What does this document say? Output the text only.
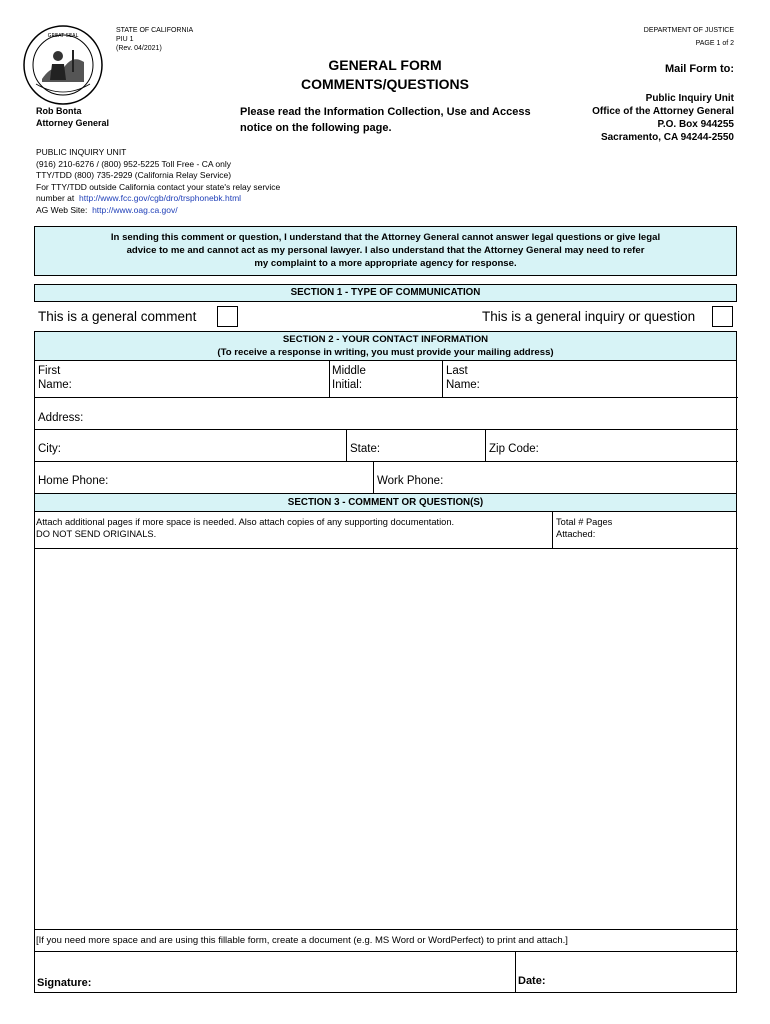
GREAT SEAL
STATE OF CALIFORNIA
PIU 1
(Rev. 04/2021)
DEPARTMENT OF JUSTICE
PAGE 1 of 2
GENERAL FORM
COMMENTS/QUESTIONS
Mail Form to:
Rob Bonta
Attorney General
Please read the Information Collection, Use and Access
notice on the following page.
Public Inquiry Unit
Office of the Attorney General
P.O. Box 944255
Sacramento, CA 94244-2550
PUBLIC INQUIRY UNIT
(916) 210-6276 / (800) 952-5225 Toll Free - CA only
TTY/TDD (800) 735-2929 (California Relay Service)
For TTY/TDD outside California contact your state's relay service
number at http://www.fcc.gov/cgb/dro/trsphonebk.html
AG Web Site: http://www.oag.ca.gov/
In sending this comment or question, I understand that the Attorney General cannot answer legal questions or give legal
advice to me and cannot act as my personal lawyer. I also understand that the Attorney General may need to refer
my complaint to a more appropriate agency for response.
SECTION 1 - TYPE OF COMMUNICATION
This is a general comment	This is a general inquiry or question
SECTION 2 - YOUR CONTACT INFORMATION
(To receive a response in writing, you must provide your mailing address)
First
Name:
Middle
Initial:
Last
Name:
Address:
City:	State:	Zip Code:
Home Phone:	Work Phone:
SECTION 3 - COMMENT OR QUESTION(S)
Attach additional pages if more space is needed. Also attach copies of any supporting documentation.
DO NOT SEND ORIGINALS.
Total # Pages
Attached:
[If you need more space and are using this fillable form, create a document (e.g. MS Word or WordPerfect) to print and attach.]
Signature:	Date:
